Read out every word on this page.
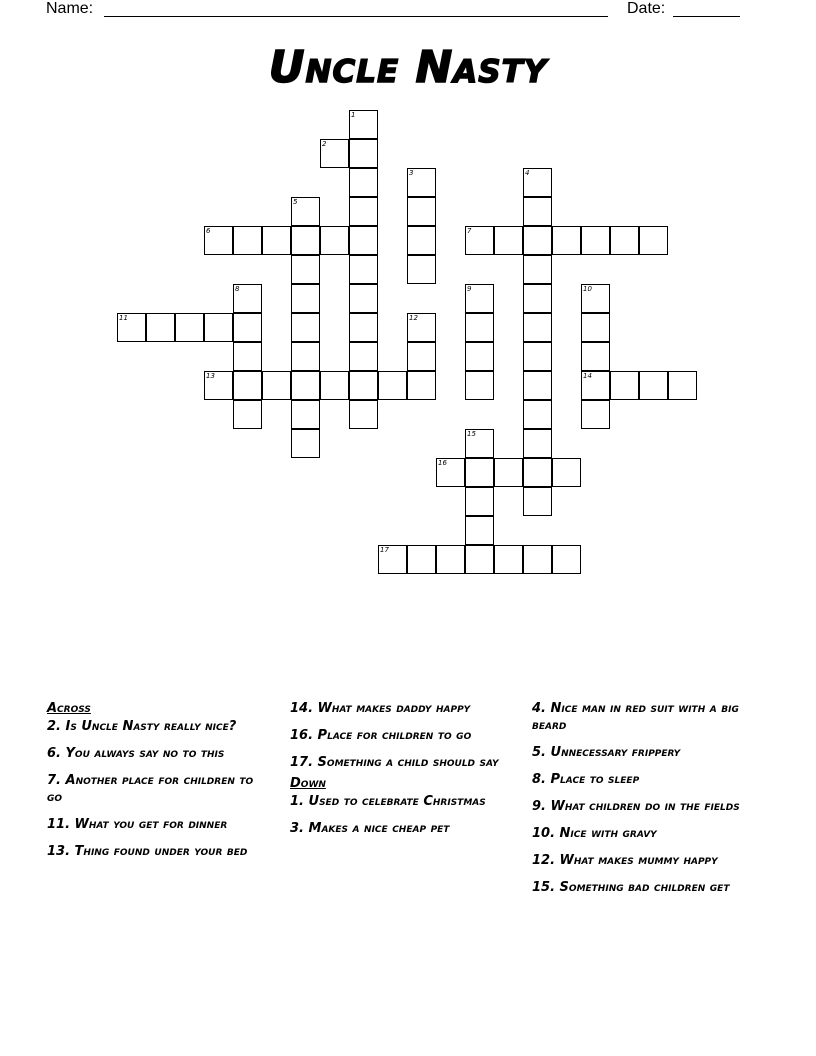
Name:	Date:
Uncle Nasty
1
2
3	4
5
6	7
8	9	10
14
11	12
13
15
16
17
Across
2. Is Uncle Nasty really nice?
6. You always say no to this
7. Another place for children to go
11. What you get for dinner
13. Thing found under your bed
14. What makes daddy happy
16. Place for children to go
17. Something a child should say
Down
1. Used to celebrate Christmas
3. Makes a nice cheap pet
4. Nice man in red suit with a big beard
5. Unnecessary frippery
8. Place to sleep
9. What children do in the fields
10. Nice with gravy
12. What makes mummy happy
15. Something bad children get
